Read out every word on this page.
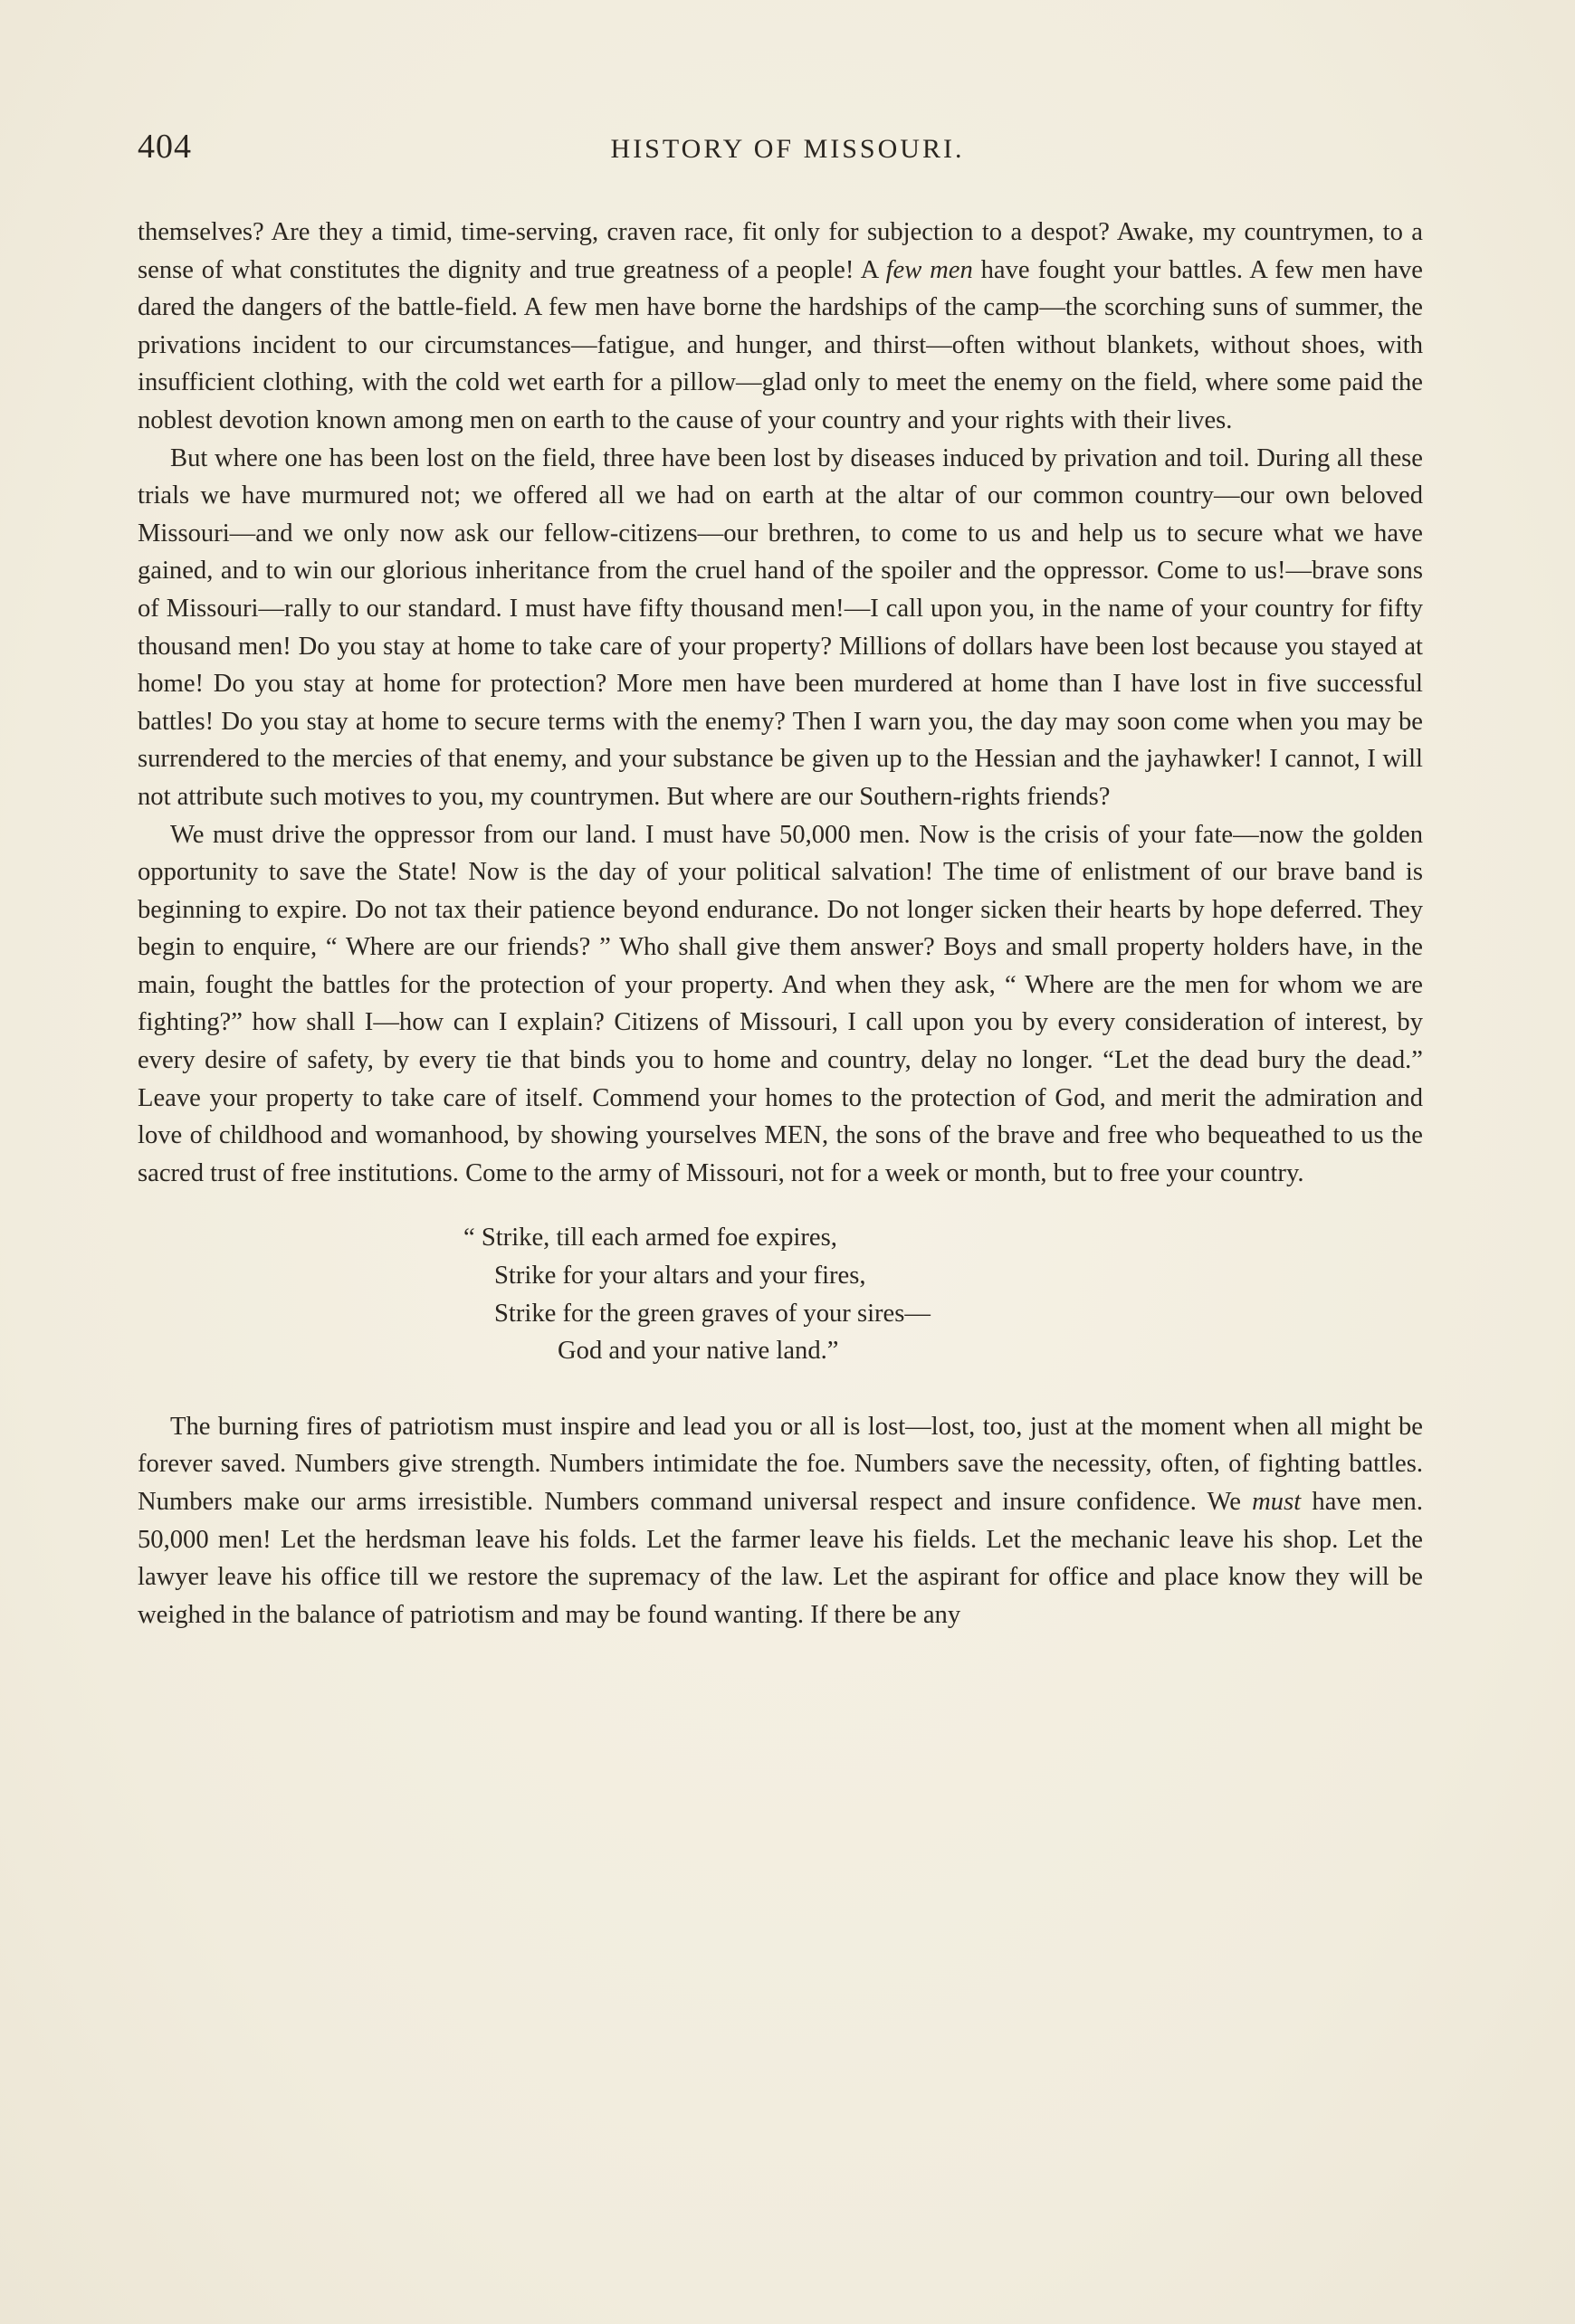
404	HISTORY OF MISSOURI.

themselves? Are they a timid, time-serving, craven race, fit only for subjection to a despot? Awake, my countrymen, to a sense of what constitutes the dignity and true greatness of a people! A few men have fought your battles. A few men have dared the dangers of the battle-field. A few men have borne the hardships of the camp—the scorching suns of summer, the privations incident to our circumstances—fatigue, and hunger, and thirst—often without blankets, without shoes, with insufficient clothing, with the cold wet earth for a pillow—glad only to meet the enemy on the field, where some paid the noblest devotion known among men on earth to the cause of your country and your rights with their lives.

But where one has been lost on the field, three have been lost by diseases induced by privation and toil. During all these trials we have murmured not; we offered all we had on earth at the altar of our common country—our own beloved Missouri—and we only now ask our fellow-citizens—our brethren, to come to us and help us to secure what we have gained, and to win our glorious inheritance from the cruel hand of the spoiler and the oppressor. Come to us!—brave sons of Missouri—rally to our standard. I must have fifty thousand men!—I call upon you, in the name of your country for fifty thousand men! Do you stay at home to take care of your property? Millions of dollars have been lost because you stayed at home! Do you stay at home for protection? More men have been murdered at home than I have lost in five successful battles! Do you stay at home to secure terms with the enemy? Then I warn you, the day may soon come when you may be surrendered to the mercies of that enemy, and your substance be given up to the Hessian and the jayhawker! I cannot, I will not attribute such motives to you, my countrymen. But where are our Southern-rights friends?

We must drive the oppressor from our land. I must have 50,000 men. Now is the crisis of your fate—now the golden opportunity to save the State! Now is the day of your political salvation! The time of enlistment of our brave band is beginning to expire. Do not tax their patience beyond endurance. Do not longer sicken their hearts by hope deferred. They begin to enquire, “ Where are our friends? ” Who shall give them answer? Boys and small property holders have, in the main, fought the battles for the protection of your property. And when they ask, “ Where are the men for whom we are fighting?” how shall I—how can I explain? Citizens of Missouri, I call upon you by every consideration of interest, by every desire of safety, by every tie that binds you to home and country, delay no longer. “Let the dead bury the dead.” Leave your property to take care of itself. Commend your homes to the protection of God, and merit the admiration and love of childhood and womanhood, by showing yourselves MEN, the sons of the brave and free who bequeathed to us the sacred trust of free institutions. Come to the army of Missouri, not for a week or month, but to free your country.

“ Strike, till each armed foe expires,
Strike for your altars and your fires,
Strike for the green graves of your sires—
God and your native land.”

The burning fires of patriotism must inspire and lead you or all is lost—lost, too, just at the moment when all might be forever saved. Numbers give strength. Numbers intimidate the foe. Numbers save the necessity, often, of fighting battles. Numbers make our arms irresistible. Numbers command universal respect and insure confidence. We must have men. 50,000 men! Let the herdsman leave his folds. Let the farmer leave his fields. Let the mechanic leave his shop. Let the lawyer leave his office till we restore the supremacy of the law. Let the aspirant for office and place know they will be weighed in the balance of patriotism and may be found wanting. If there be any
